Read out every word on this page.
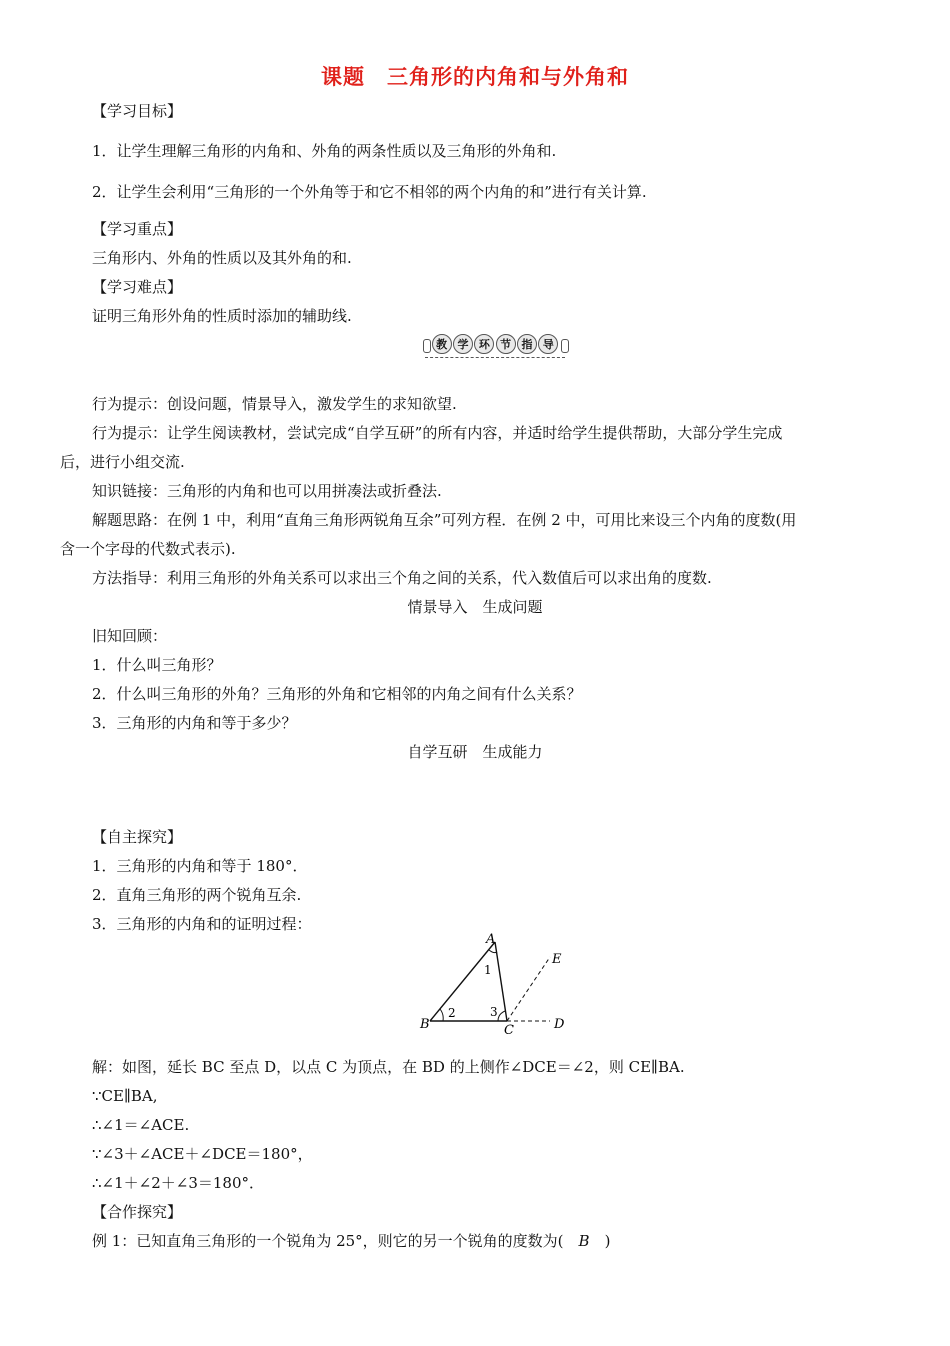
课题　三角形的内角和与外角和
【学习目标】
1．让学生理解三角形的内角和、外角的两条性质以及三角形的外角和.
2．让学生会利用“三角形的一个外角等于和它不相邻的两个内角的和”进行有关计算.
【学习重点】
三角形内、外角的性质以及其外角的和.
【学习难点】
证明三角形外角的性质时添加的辅助线.
教 学 环 节 指 导
行为提示：创设问题，情景导入，激发学生的求知欲望.
行为提示：让学生阅读教材，尝试完成“自学互研”的所有内容，并适时给学生提供帮助，大部分学生完成
后，进行小组交流.
知识链接：三角形的内角和也可以用拼凑法或折叠法.
解题思路：在例 1 中，利用“直角三角形两锐角互余”可列方程．在例 2 中，可用比来设三个内角的度数(用
含一个字母的代数式表示).
方法指导：利用三角形的外角关系可以求出三个角之间的关系，代入数值后可以求出角的度数.
情景导入　生成问题
旧知回顾：
1．什么叫三角形？
2．什么叫三角形的外角？三角形的外角和它相邻的内角之间有什么关系？
3．三角形的内角和等于多少？
自学互研　生成能力
【自主探究】
1．三角形的内角和等于 180°．
2．直角三角形的两个锐角互余.
3．三角形的内角和的证明过程：
A
B	C	D
E
1
2	3
解：如图，延长 BC 至点 D，以点 C 为顶点，在 BD 的上侧作∠DCE＝∠2，则 CE∥BA.
∵CE∥BA,
∴∠1＝∠ACE.
∵∠3＋∠ACE＋∠DCE＝180°，
∴∠1＋∠2＋∠3＝180°．
【合作探究】
例 1：已知直角三角形的一个锐角为 25°，则它的另一个锐角的度数为(　B　)
